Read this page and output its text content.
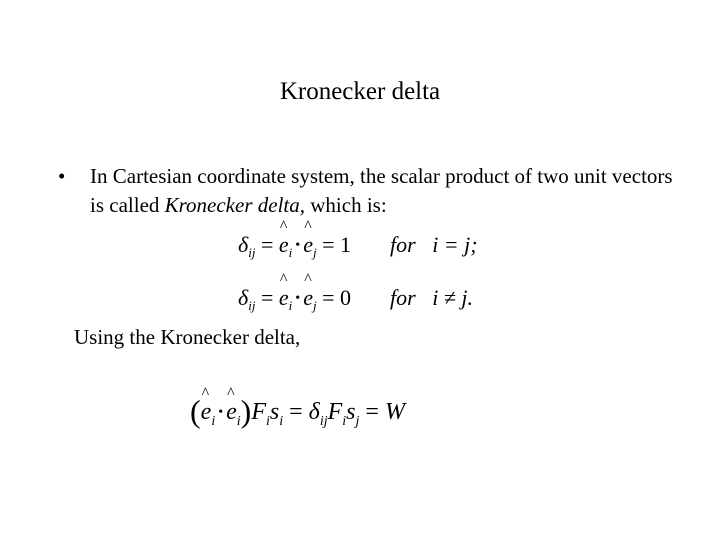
Kronecker delta
• In Cartesian coordinate system, the scalar product of two unit vectors is called Kronecker delta, which is:
$\delta_{ij}$ = ^ $e_i$ •^ $e_j = 1$ for i = j;
$\delta_{ij}$ = ^ $e_i$ •^ $e_j = 0$ for i ≠ j.
Using the Kronecker delta,
(^ $e_i•\^{}$ $e_i)F_is_i = \delta_{ij}F_is_j = W$
